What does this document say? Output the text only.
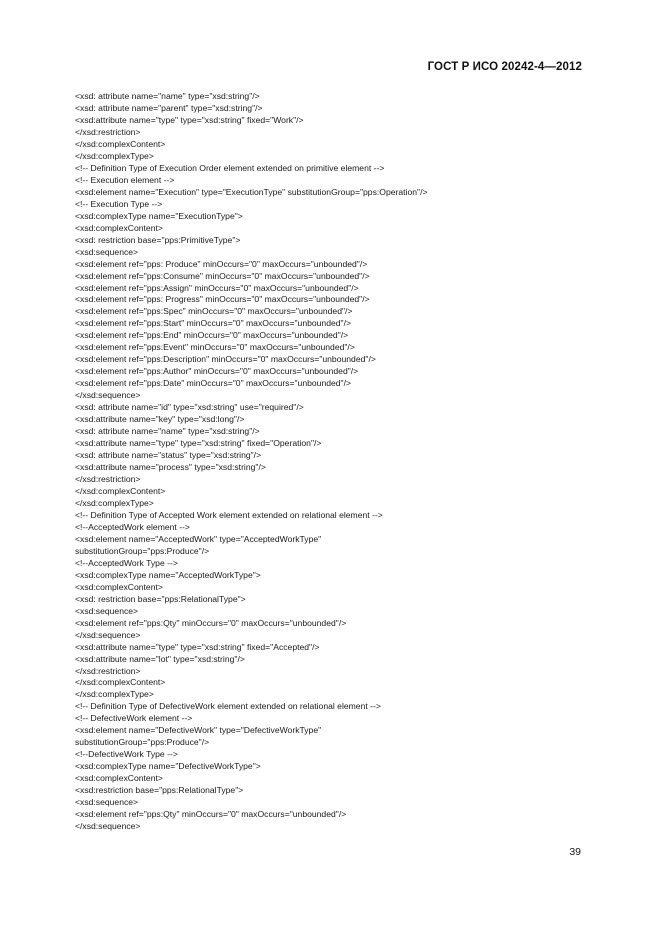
ГОСТ Р ИСО 20242-4—2012
<xsd: attribute name="name" type="xsd:string"/>
<xsd: attribute name="parent" type="xsd:string"/>
<xsd:attribute name="type" type="xsd:string" fixed="Work"/>
</xsd:restriction>
</xsd:complexContent>
</xsd:complexType>
<!-- Definition Type of Execution Order element extended on primitive element -->
<!-- Execution element -->
<xsd:element name="Execution" type="ExecutionType" substitutionGroup="pps:Operation"/>
<!-- Execution Type -->
<xsd:complexType name="ExecutionType">
<xsd:complexContent>
<xsd: restriction base="pps:PrimitiveType">
<xsd:sequence>
<xsd:element ref="pps: Produce" minOccurs="0" maxOccurs="unbounded"/>
<xsd:element ref="pps:Consume" minOccurs="0" maxOccurs="unbounded"/>
<xsd:element ref="pps:Assign" minOccurs="0" maxOccurs="unbounded"/>
<xsd:element ref="pps: Progress" minOccurs="0" maxOccurs="unbounded"/>
<xsd:element ref="pps:Spec" minOccurs="0" maxOccurs="unbounded"/>
<xsd:element ref="pps:Start" minOccurs="0" maxOccurs="unbounded"/>
<xsd:element ref="pps:End" minOccurs="0" maxOccurs="unbounded"/>
<xsd:element ref="pps:Event" minOccurs="0" maxOccurs="unbounded"/>
<xsd:element ref="pps:Description" minOccurs="0" maxOccurs="unbounded"/>
<xsd:element ref="pps:Author" minOccurs="0" maxOccurs="unbounded"/>
<xsd:element ref="pps:Date" minOccurs="0" maxOccurs="unbounded"/>
</xsd:sequence>
<xsd: attribute name="id" type="xsd:string" use="required"/>
<xsd:attribute name="key" type="xsd:long"/>
<xsd: attribute name="name" type="xsd:string"/>
<xsd:attribute name="type" type="xsd:string" fixed="Operation"/>
<xsd: attribute name="status" type="xsd:string"/>
<xsd:attribute name="process" type="xsd:string"/>
</xsd:restriction>
</xsd:complexContent>
</xsd:complexType>
<!-- Definition Type of Accepted Work element extended on relational element -->
<!--AcceptedWork element -->
<xsd:element name="AcceptedWork" type="AcceptedWorkType"
substitutionGroup="pps:Produce"/>
<!--AcceptedWork Type -->
<xsd:complexType name="AcceptedWorkType">
<xsd:complexContent>
<xsd: restriction base="pps:RelationalType">
<xsd:sequence>
<xsd:element ref="pps:Qty" minOccurs="0" maxOccurs="unbounded"/>
</xsd:sequence>
<xsd:attribute name="type" type="xsd:string" fixed="Accepted"/>
<xsd:attribute name="lot" type="xsd:string"/>
</xsd:restriction>
</xsd:complexContent>
</xsd:complexType>
<!-- Definition Type of DefectiveWork element extended on relational element -->
<!-- DefectiveWork element -->
<xsd:element name="DefectiveWork" type="DefectiveWorkType"
substitutionGroup="pps:Produce"/>
<!--DefectiveWork Type -->
<xsd:complexType name="DefectiveWorkType">
<xsd:complexContent>
<xsd:restriction base="pps:RelationalType">
<xsd:sequence>
<xsd:element ref="pps:Qty" minOccurs="0" maxOccurs="unbounded"/>
</xsd:sequence>
39
